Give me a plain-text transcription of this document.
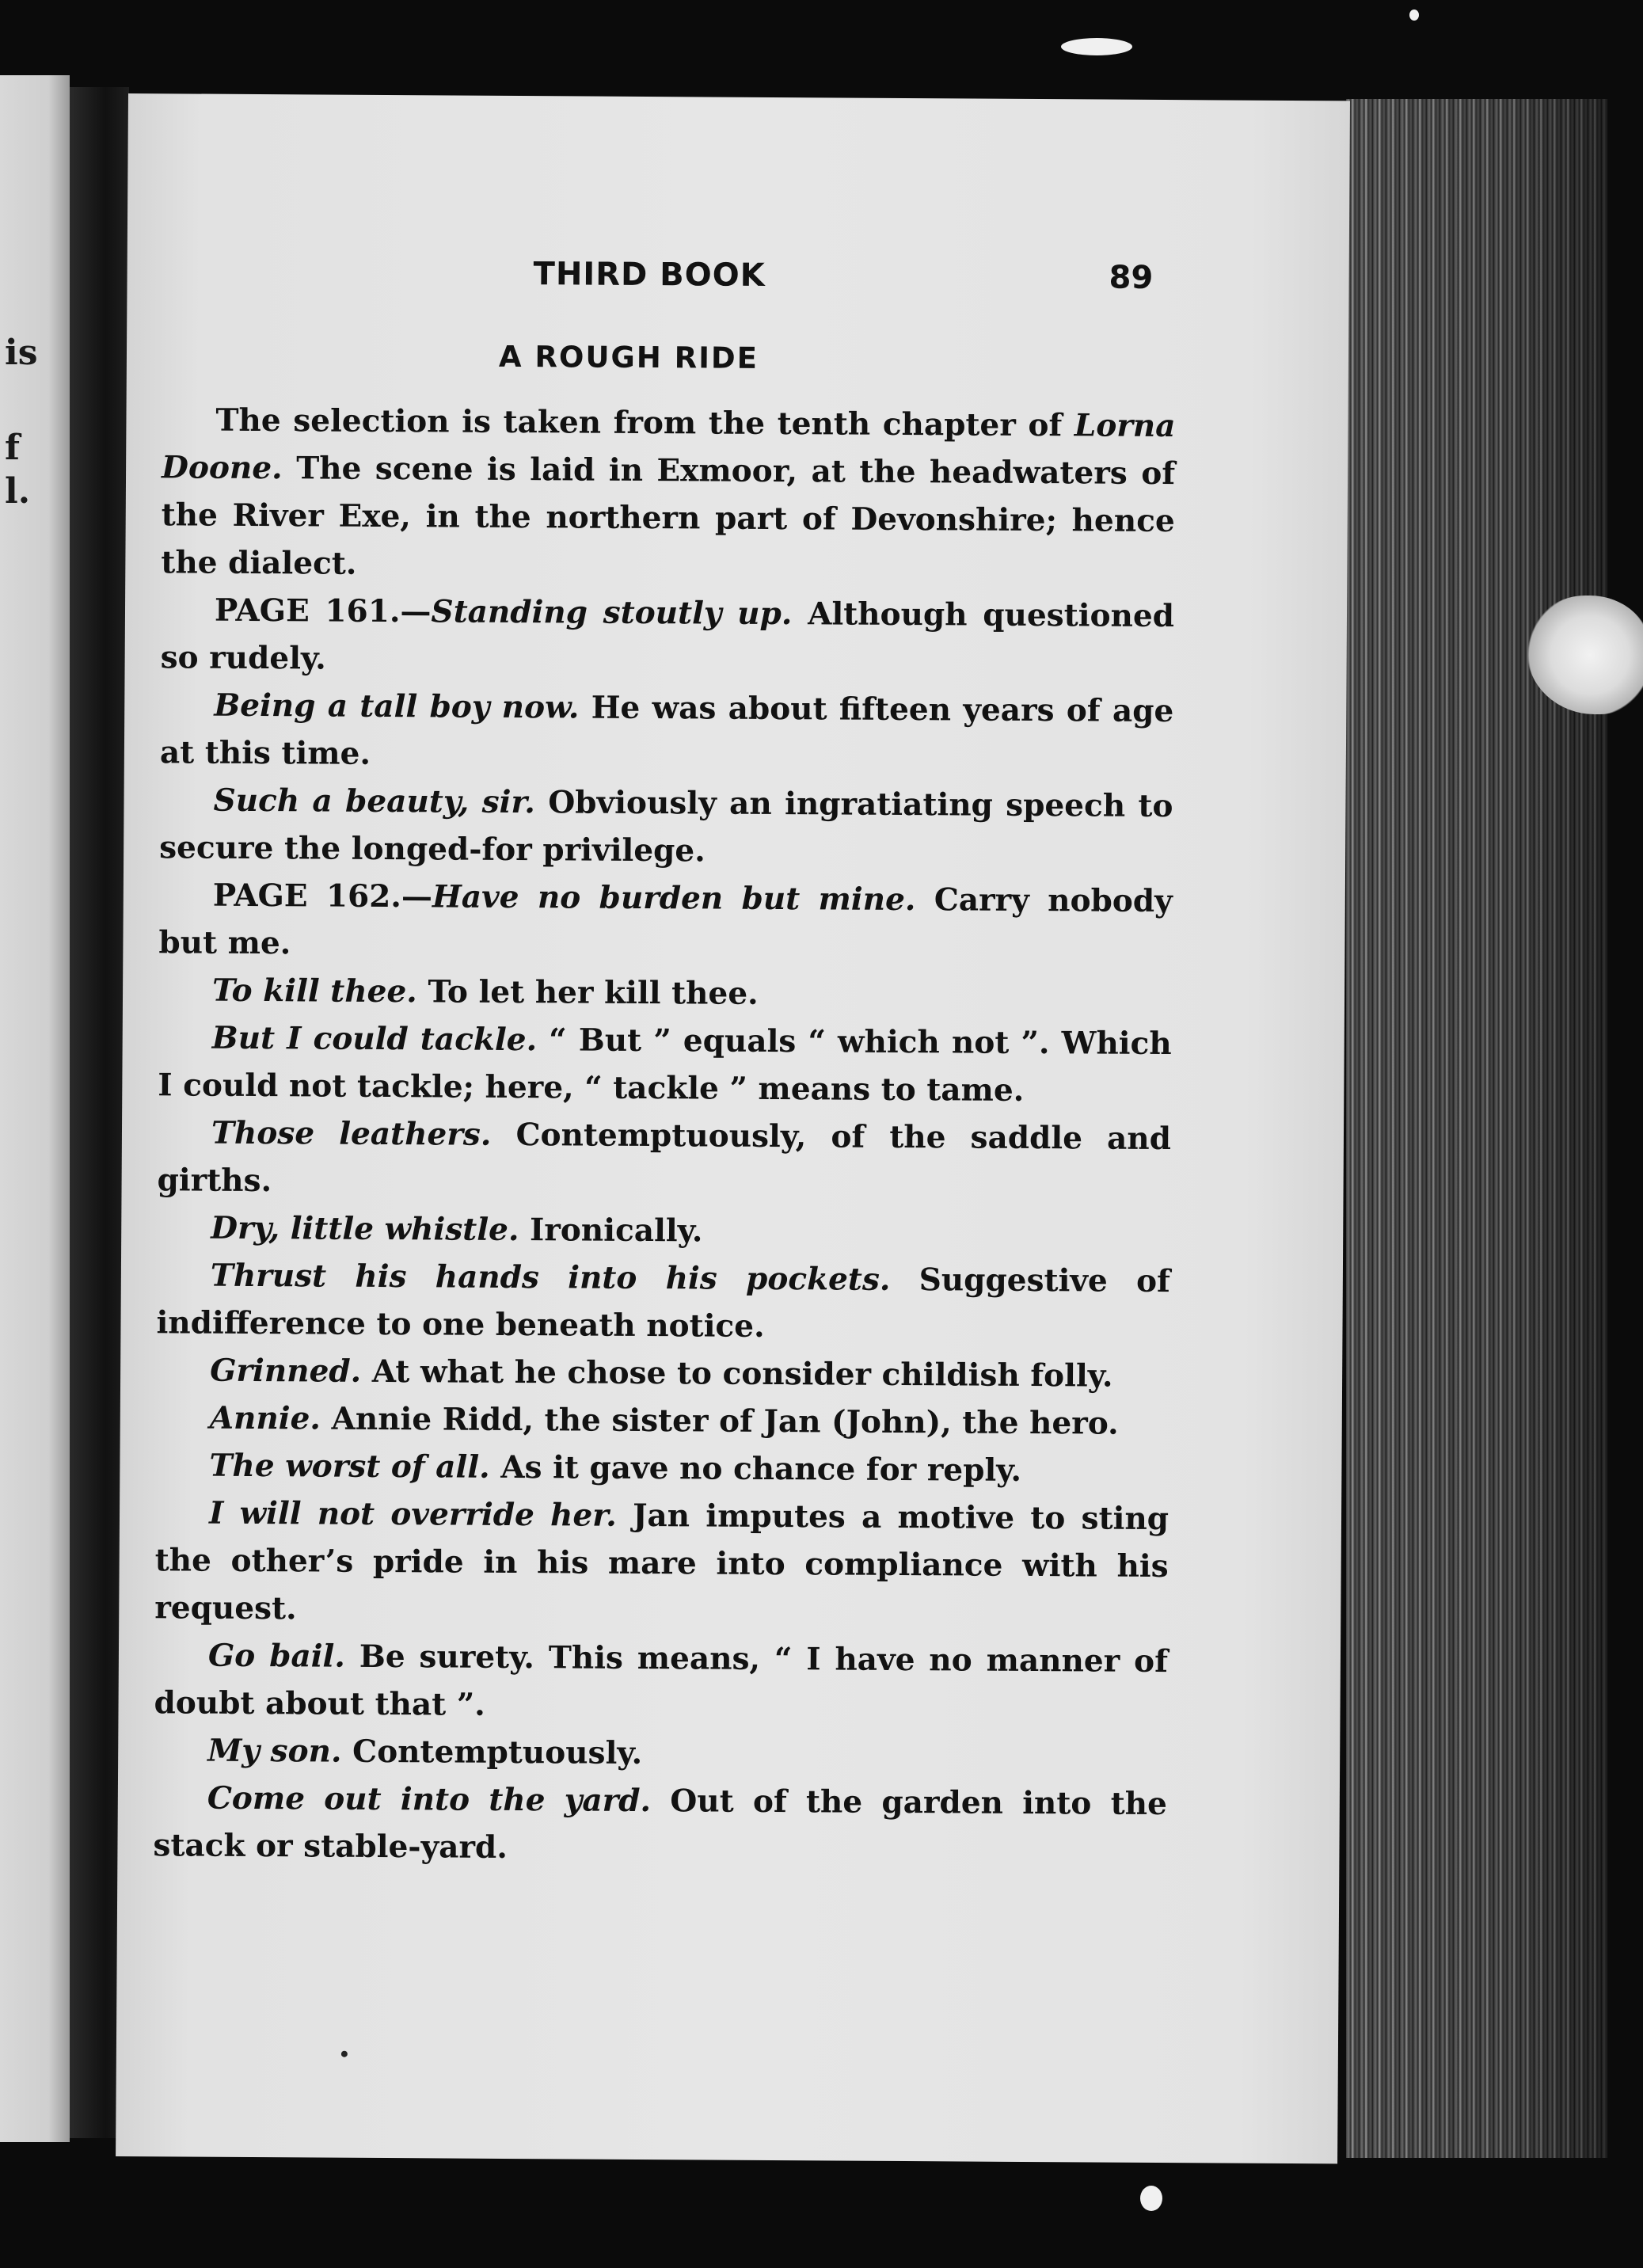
is
f
l.
THIRD BOOK	89
A ROUGH RIDE

The selection is taken from the tenth chapter of Lorna Doone. The scene is laid in Exmoor, at the headwaters of the River Exe, in the northern part of Devonshire; hence the dialect.

PAGE 161.—Standing stoutly up. Although questioned so rudely.

Being a tall boy now. He was about fifteen years of age at this time.

Such a beauty, sir. Obviously an ingratiating speech to secure the longed-for privilege.

PAGE 162.—Have no burden but mine. Carry nobody but me.

To kill thee. To let her kill thee.

But I could tackle. “ But ” equals “ which not ”. Which I could not tackle; here, “ tackle ” means to tame.

Those leathers. Contemptuously, of the saddle and girths.

Dry, little whistle. Ironically.

Thrust his hands into his pockets. Suggestive of indifference to one beneath notice.

Grinned. At what he chose to consider childish folly.

Annie. Annie Ridd, the sister of Jan (John), the hero.

The worst of all. As it gave no chance for reply.

I will not override her. Jan imputes a motive to sting the other’s pride in his mare into compliance with his request.

Go bail. Be surety. This means, “ I have no manner of doubt about that ”.

My son. Contemptuously.

Come out into the yard. Out of the garden into the stack or stable-yard.
